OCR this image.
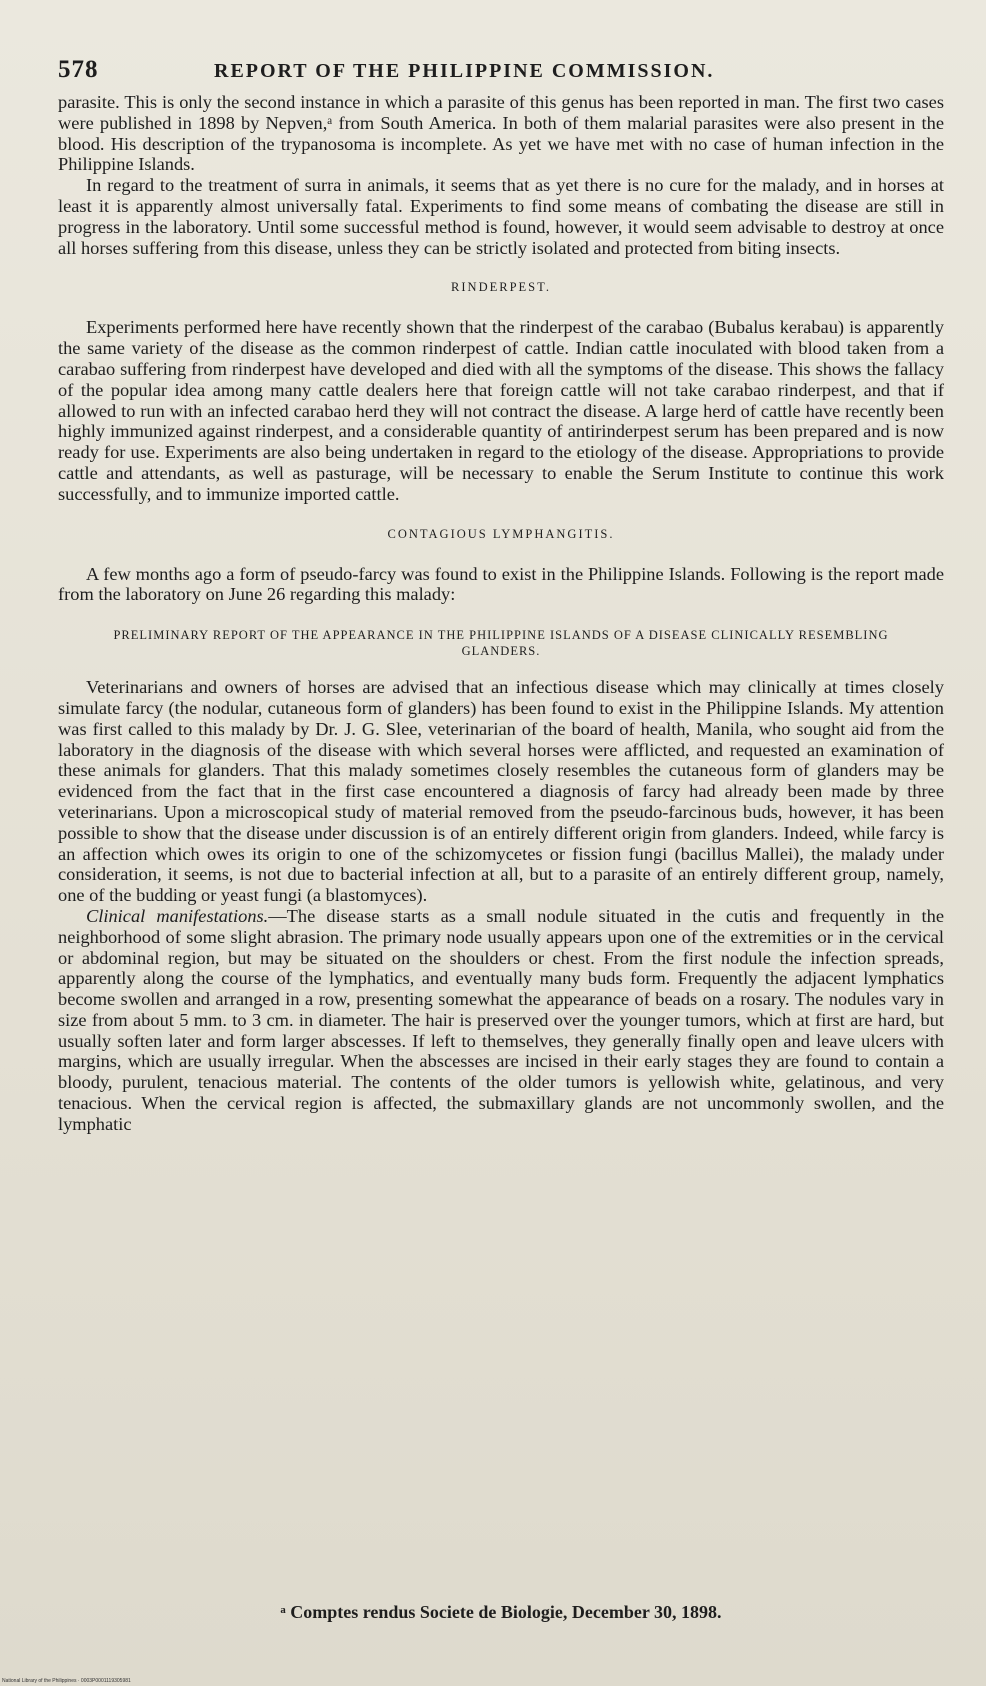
578	REPORT OF THE PHILIPPINE COMMISSION.

parasite. This is only the second instance in which a parasite of this genus has been reported in man. The first two cases were published in 1898 by Nepven,ᵃ from South America. In both of them malarial parasites were also present in the blood. His description of the trypanosoma is incomplete. As yet we have met with no case of human infection in the Philippine Islands.

In regard to the treatment of surra in animals, it seems that as yet there is no cure for the malady, and in horses at least it is apparently almost universally fatal. Experiments to find some means of combating the disease are still in progress in the laboratory. Until some successful method is found, however, it would seem advisable to destroy at once all horses suffering from this disease, unless they can be strictly isolated and protected from biting insects.

RINDERPEST.

Experiments performed here have recently shown that the rinderpest of the carabao (Bubalus kerabau) is apparently the same variety of the disease as the common rinderpest of cattle. Indian cattle inoculated with blood taken from a carabao suffering from rinderpest have developed and died with all the symptoms of the disease. This shows the fallacy of the popular idea among many cattle dealers here that foreign cattle will not take carabao rinderpest, and that if allowed to run with an infected carabao herd they will not contract the disease. A large herd of cattle have recently been highly immunized against rinderpest, and a considerable quantity of antirinderpest serum has been prepared and is now ready for use. Experiments are also being undertaken in regard to the etiology of the disease. Appropriations to provide cattle and attendants, as well as pasturage, will be necessary to enable the Serum Institute to continue this work successfully, and to immunize imported cattle.

CONTAGIOUS LYMPHANGITIS.

A few months ago a form of pseudo-farcy was found to exist in the Philippine Islands. Following is the report made from the laboratory on June 26 regarding this malady:

PRELIMINARY REPORT OF THE APPEARANCE IN THE PHILIPPINE ISLANDS OF A DISEASE CLINICALLY RESEMBLING GLANDERS.

Veterinarians and owners of horses are advised that an infectious disease which may clinically at times closely simulate farcy (the nodular, cutaneous form of glanders) has been found to exist in the Philippine Islands. My attention was first called to this malady by Dr. J. G. Slee, veterinarian of the board of health, Manila, who sought aid from the laboratory in the diagnosis of the disease with which several horses were afflicted, and requested an examination of these animals for glanders. That this malady sometimes closely resembles the cutaneous form of glanders may be evidenced from the fact that in the first case encountered a diagnosis of farcy had already been made by three veterinarians. Upon a microscopical study of material removed from the pseudo-farcinous buds, however, it has been possible to show that the disease under discussion is of an entirely different origin from glanders. Indeed, while farcy is an affection which owes its origin to one of the schizomycetes or fission fungi (bacillus Mallei), the malady under consideration, it seems, is not due to bacterial infection at all, but to a parasite of an entirely different group, namely, one of the budding or yeast fungi (a blastomyces).

Clinical manifestations.—The disease starts as a small nodule situated in the cutis and frequently in the neighborhood of some slight abrasion. The primary node usually appears upon one of the extremities or in the cervical or abdominal region, but may be situated on the shoulders or chest. From the first nodule the infection spreads, apparently along the course of the lymphatics, and eventually many buds form. Frequently the adjacent lymphatics become swollen and arranged in a row, presenting somewhat the appearance of beads on a rosary. The nodules vary in size from about 5 mm. to 3 cm. in diameter. The hair is preserved over the younger tumors, which at first are hard, but usually soften later and form larger abscesses. If left to themselves, they generally finally open and leave ulcers with margins, which are usually irregular. When the abscesses are incised in their early stages they are found to contain a bloody, purulent, tenacious material. The contents of the older tumors is yellowish white, gelatinous, and very tenacious. When the cervical region is affected, the submaxillary glands are not uncommonly swollen, and the lymphatic

ᵃ Comptes rendus Societe de Biologie, December 30, 1898.
National Library of the Philippines · 0003P0001119305981
